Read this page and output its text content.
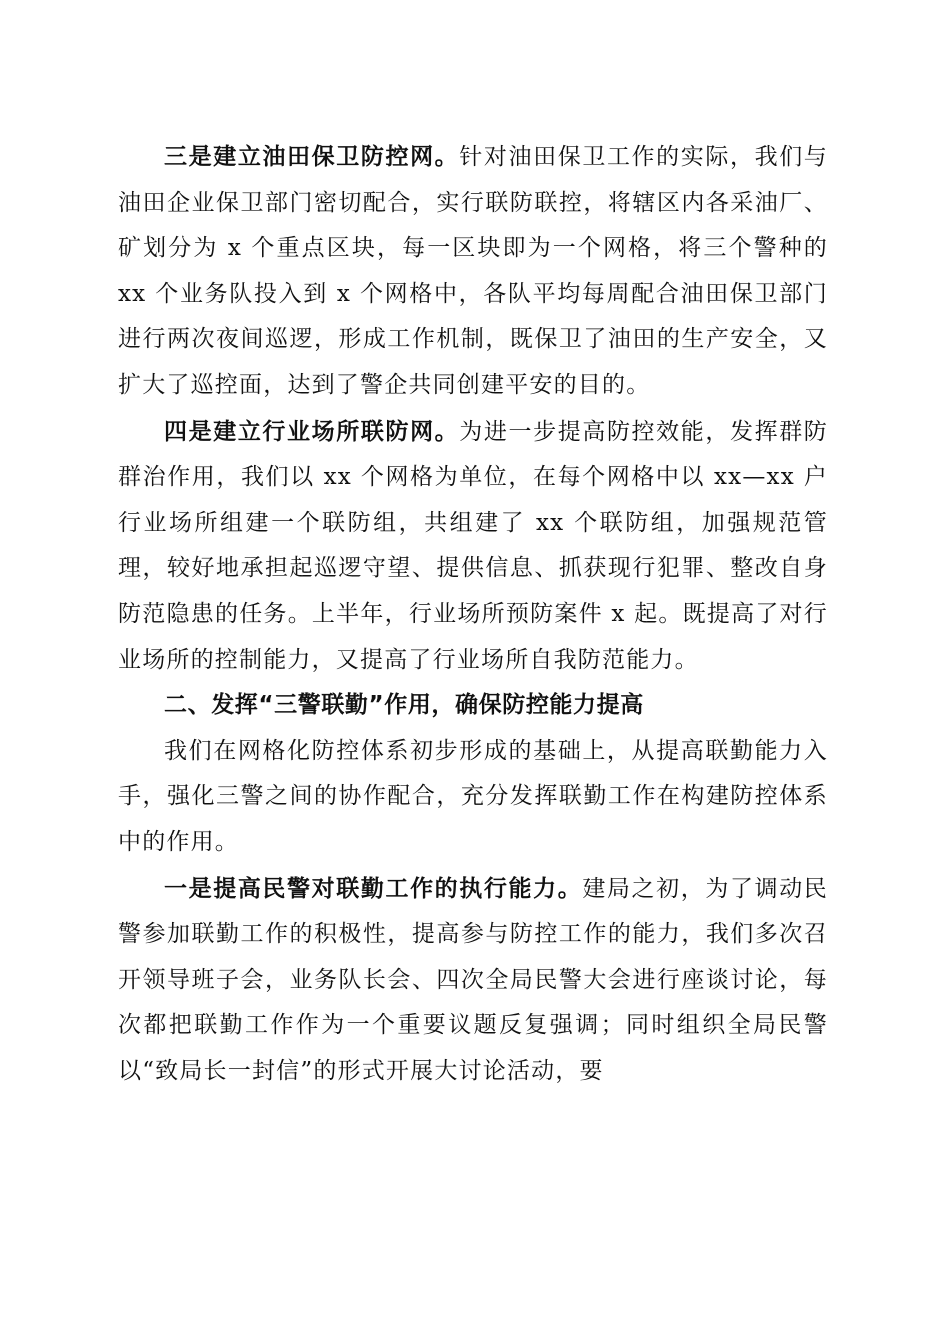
三是建立油田保卫防控网。针对油田保卫工作的实际，我们与油田企业保卫部门密切配合，实行联防联控，将辖区内各采油厂、矿划分为 x 个重点区块，每一区块即为一个网格，将三个警种的 xx 个业务队投入到 x 个网格中，各队平均每周配合油田保卫部门进行两次夜间巡逻，形成工作机制，既保卫了油田的生产安全，又扩大了巡控面，达到了警企共同创建平安的目的。

四是建立行业场所联防网。为进一步提高防控效能，发挥群防群治作用，我们以 xx 个网格为单位，在每个网格中以 xx—xx 户行业场所组建一个联防组，共组建了 xx 个联防组，加强规范管理，较好地承担起巡逻守望、提供信息、抓获现行犯罪、整改自身防范隐患的任务。上半年，行业场所预防案件 x 起。既提高了对行业场所的控制能力，又提高了行业场所自我防范能力。

二、发挥“三警联勤”作用，确保防控能力提高

我们在网格化防控体系初步形成的基础上，从提高联勤能力入手，强化三警之间的协作配合，充分发挥联勤工作在构建防控体系中的作用。

一是提高民警对联勤工作的执行能力。建局之初，为了调动民警参加联勤工作的积极性，提高参与防控工作的能力，我们多次召开领导班子会，业务队长会、四次全局民警大会进行座谈讨论，每次都把联勤工作作为一个重要议题反复强调；同时组织全局民警以“致局长一封信”的形式开展大讨论活动，要
